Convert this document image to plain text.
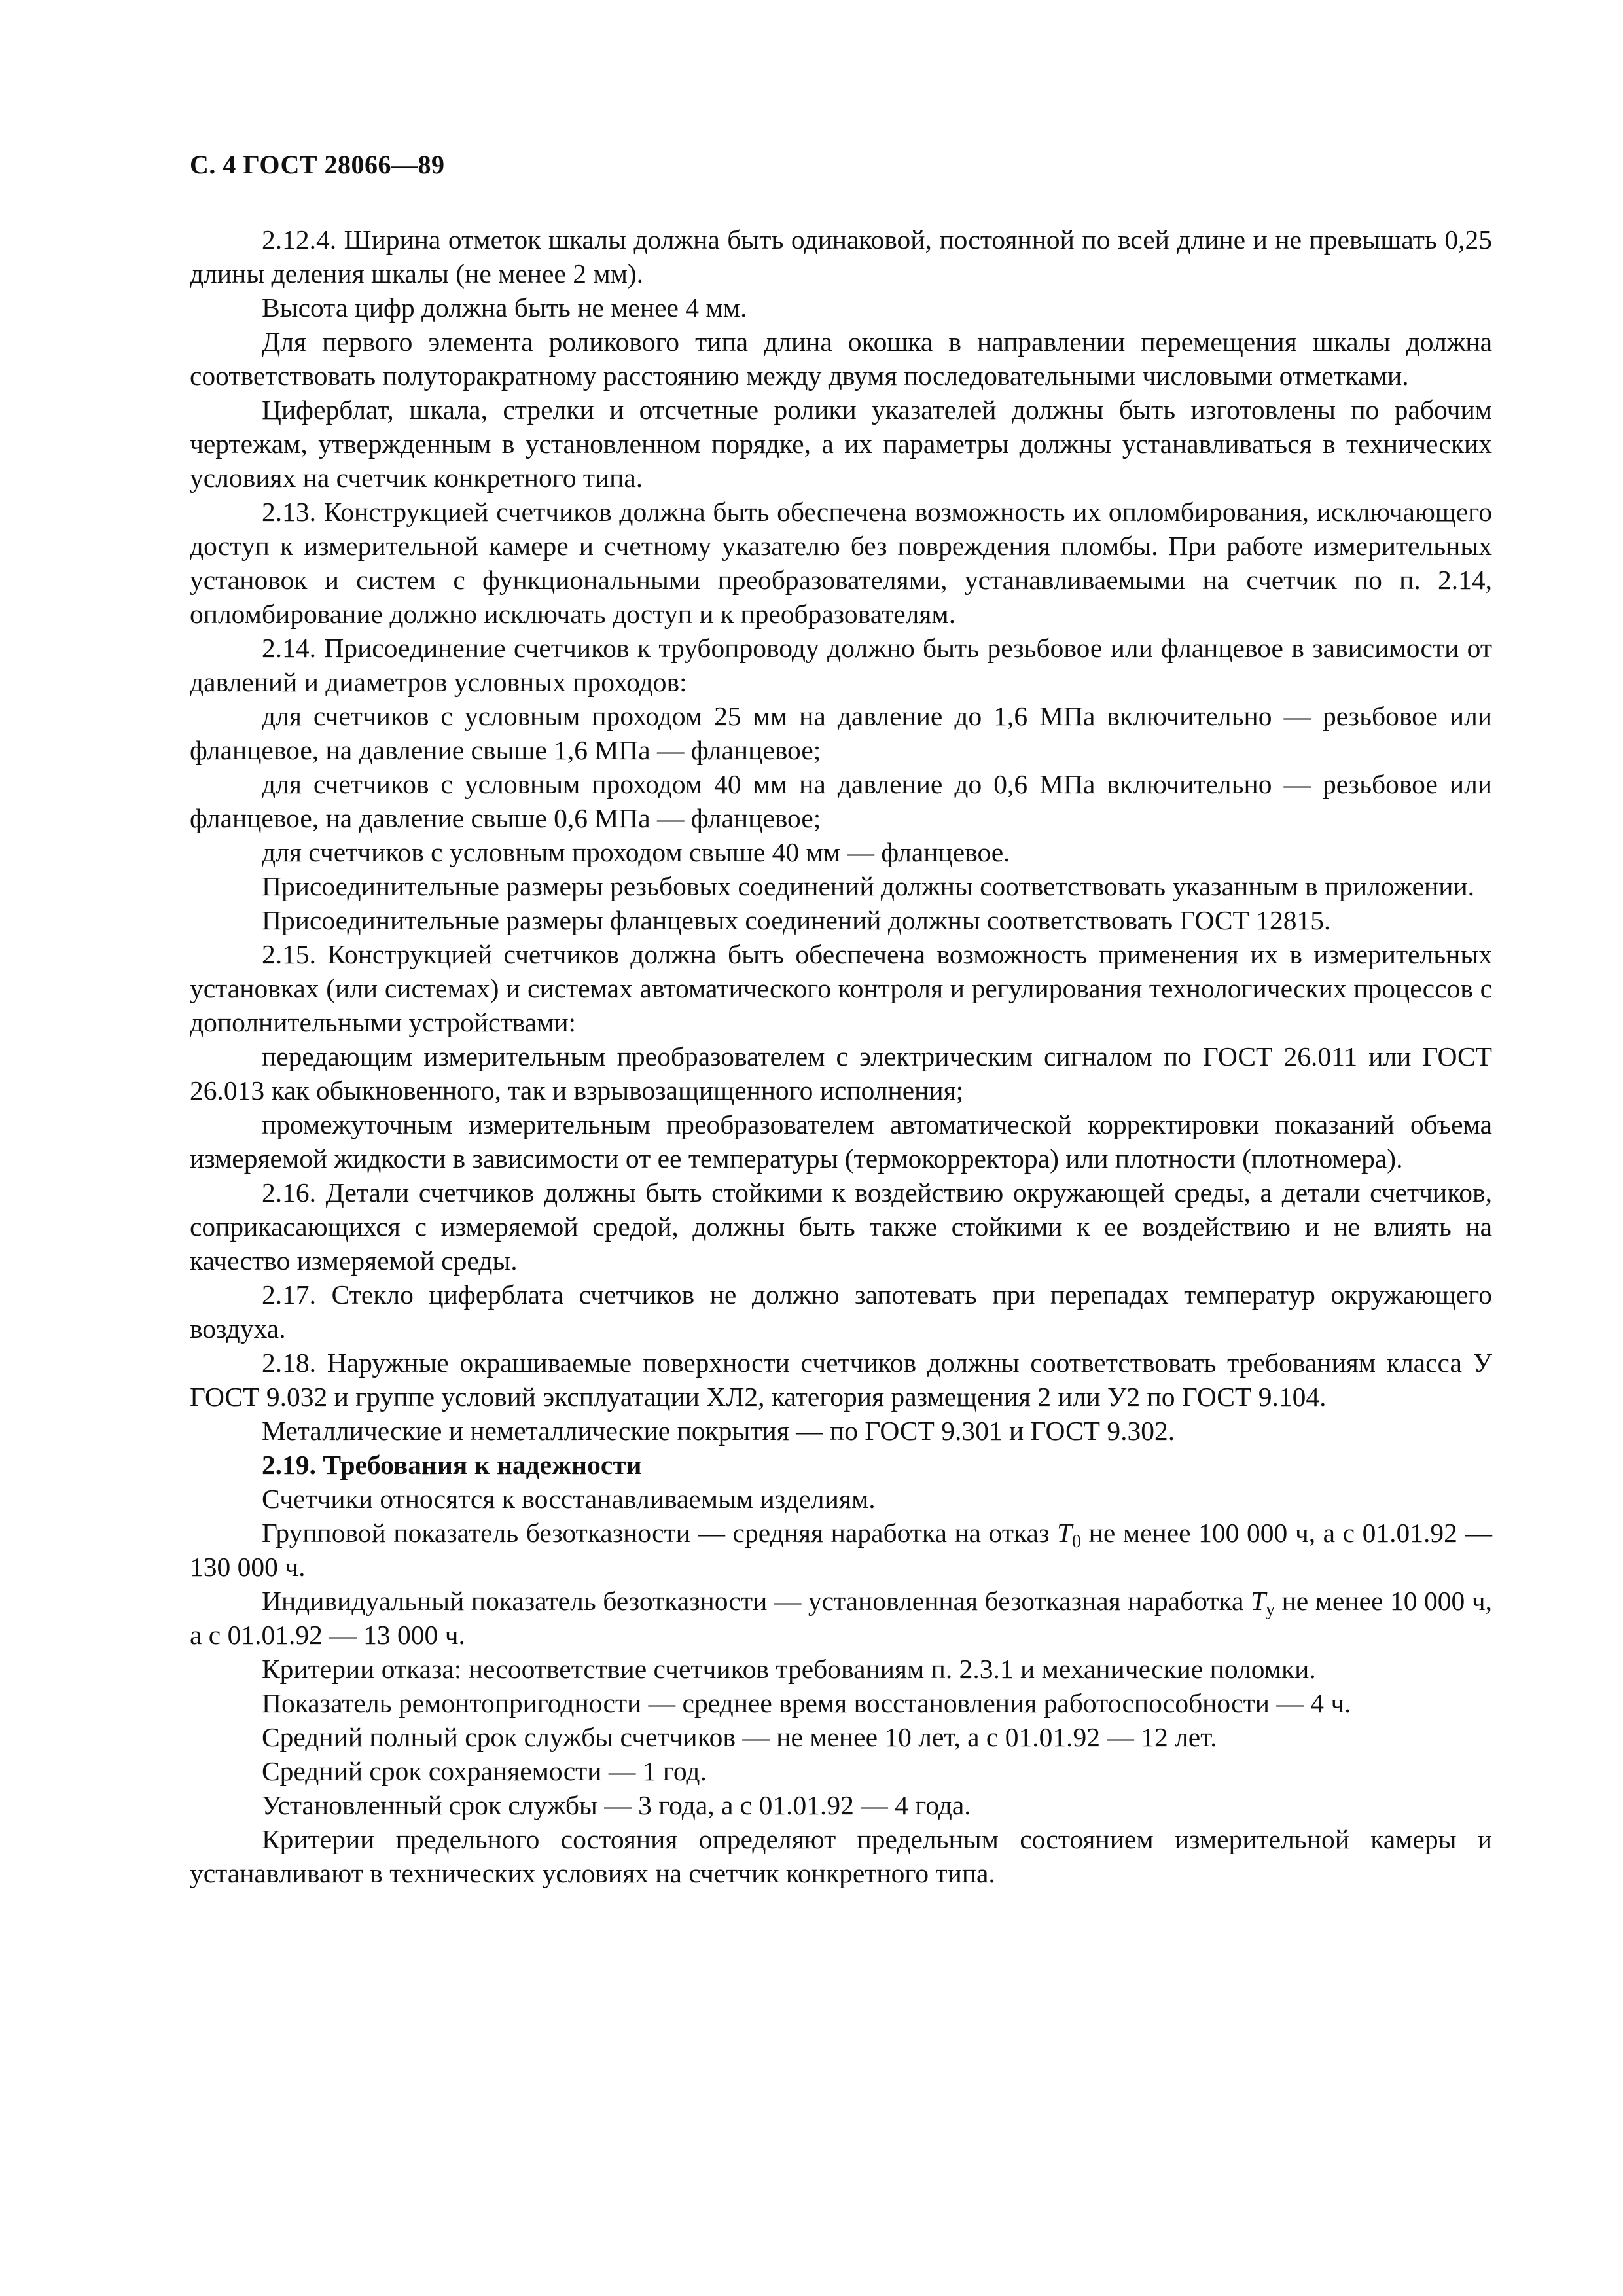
С. 4 ГОСТ 28066—89

2.12.4. Ширина отметок шкалы должна быть одинаковой, постоянной по всей длине и не превышать 0,25 длины деления шкалы (не менее 2 мм).

Высота цифр должна быть не менее 4 мм.

Для первого элемента роликового типа длина окошка в направлении перемещения шкалы должна соответствовать полуторакратному расстоянию между двумя последовательными числовыми отметками.

Циферблат, шкала, стрелки и отсчетные ролики указателей должны быть изготовлены по рабочим чертежам, утвержденным в установленном порядке, а их параметры должны устанавливаться в технических условиях на счетчик конкретного типа.

2.13. Конструкцией счетчиков должна быть обеспечена возможность их опломбирования, исключающего доступ к измерительной камере и счетному указателю без повреждения пломбы. При работе измерительных установок и систем с функциональными преобразователями, устанавливаемыми на счетчик по п. 2.14, опломбирование должно исключать доступ и к преобразователям.

2.14. Присоединение счетчиков к трубопроводу должно быть резьбовое или фланцевое в зависимости от давлений и диаметров условных проходов:

для счетчиков с условным проходом 25 мм на давление до 1,6 МПа включительно — резьбовое или фланцевое, на давление свыше 1,6 МПа — фланцевое;

для счетчиков с условным проходом 40 мм на давление до 0,6 МПа включительно — резьбовое или фланцевое, на давление свыше 0,6 МПа — фланцевое;

для счетчиков с условным проходом свыше 40 мм — фланцевое.

Присоединительные размеры резьбовых соединений должны соответствовать указанным в приложении.

Присоединительные размеры фланцевых соединений должны соответствовать ГОСТ 12815.

2.15. Конструкцией счетчиков должна быть обеспечена возможность применения их в измерительных установках (или системах) и системах автоматического контроля и регулирования технологических процессов с дополнительными устройствами:

передающим измерительным преобразователем с электрическим сигналом по ГОСТ 26.011 или ГОСТ 26.013 как обыкновенного, так и взрывозащищенного исполнения;

промежуточным измерительным преобразователем автоматической корректировки показаний объема измеряемой жидкости в зависимости от ее температуры (термокорректора) или плотности (плотномера).

2.16. Детали счетчиков должны быть стойкими к воздействию окружающей среды, а детали счетчиков, соприкасающихся с измеряемой средой, должны быть также стойкими к ее воздействию и не влиять на качество измеряемой среды.

2.17. Стекло циферблата счетчиков не должно запотевать при перепадах температур окружающего воздуха.

2.18. Наружные окрашиваемые поверхности счетчиков должны соответствовать требованиям класса У ГОСТ 9.032 и группе условий эксплуатации ХЛ2, категория размещения 2 или У2 по ГОСТ 9.104.

Металлические и неметаллические покрытия — по ГОСТ 9.301 и ГОСТ 9.302.

2.19. Требования к надежности

Счетчики относятся к восстанавливаемым изделиям.

Групповой показатель безотказности — средняя наработка на отказ $T_0$ не менее 100 000 ч, а с 01.01.92 — 130 000 ч.

Индивидуальный показатель безотказности — установленная безотказная наработка $T_у$ не менее 10 000 ч, а с 01.01.92 — 13 000 ч.

Критерии отказа: несоответствие счетчиков требованиям п. 2.3.1 и механические поломки.

Показатель ремонтопригодности — среднее время восстановления работоспособности — 4 ч.

Средний полный срок службы счетчиков — не менее 10 лет, а с 01.01.92 — 12 лет.

Средний срок сохраняемости — 1 год.

Установленный срок службы — 3 года, а с 01.01.92 — 4 года.

Критерии предельного состояния определяют предельным состоянием измерительной камеры и устанавливают в технических условиях на счетчик конкретного типа.
